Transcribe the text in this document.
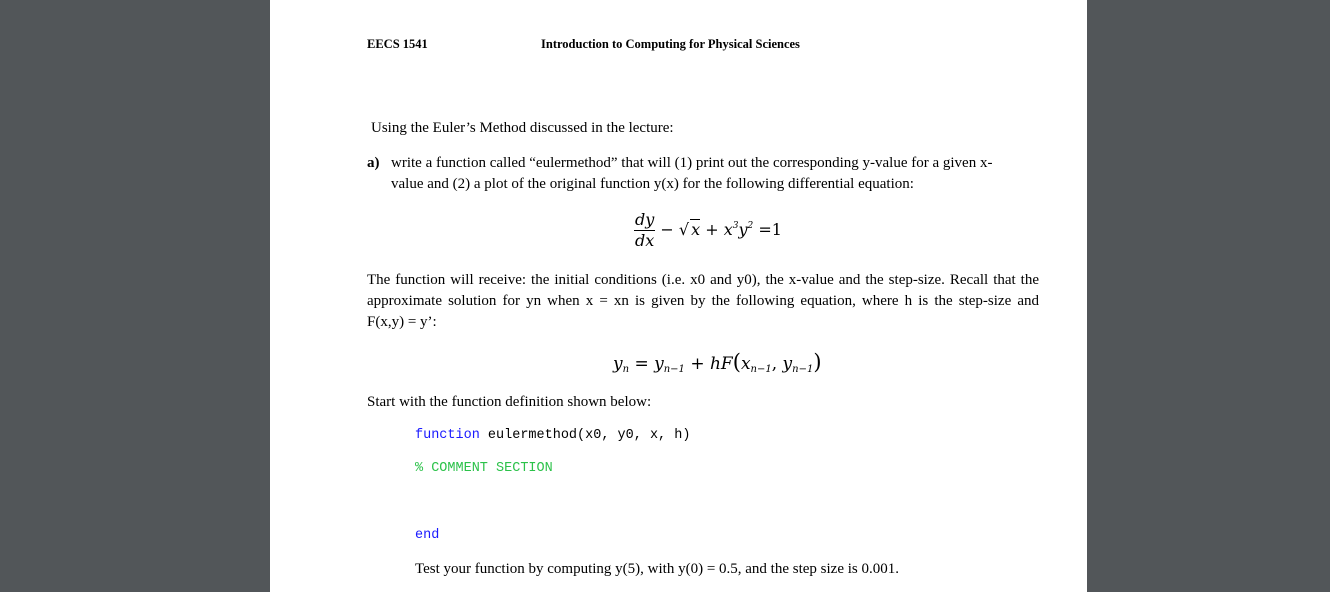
EECS 1541	Introduction to Computing for Physical Sciences
Using the Euler’s Method discussed in the lecture:
a) write a function called “eulermethod” that will (1) print out the corresponding y-value for a given x-
value and (2) a plot of the original function y(x) for the following differential equation:
$\frac{dy}{dx}$ − √ $x + x^3y^2 =1$
The function will receive: the initial conditions (i.e. x0 and y0), the x-value and the step-size. Recall that the
approximate solution for yn when x = xn is given by the following equation, where h is the step-size and
F(x,y) = y’:
$y_n = y_{n-1} + hF(x_{n-1}$, $y_{n-1}$)
Start with the function definition shown below:
function eulermethod(x0, y0, x, h)
% COMMENT SECTION
end
Test your function by computing y(5), with y(0) = 0.5, and the step size is 0.001.
